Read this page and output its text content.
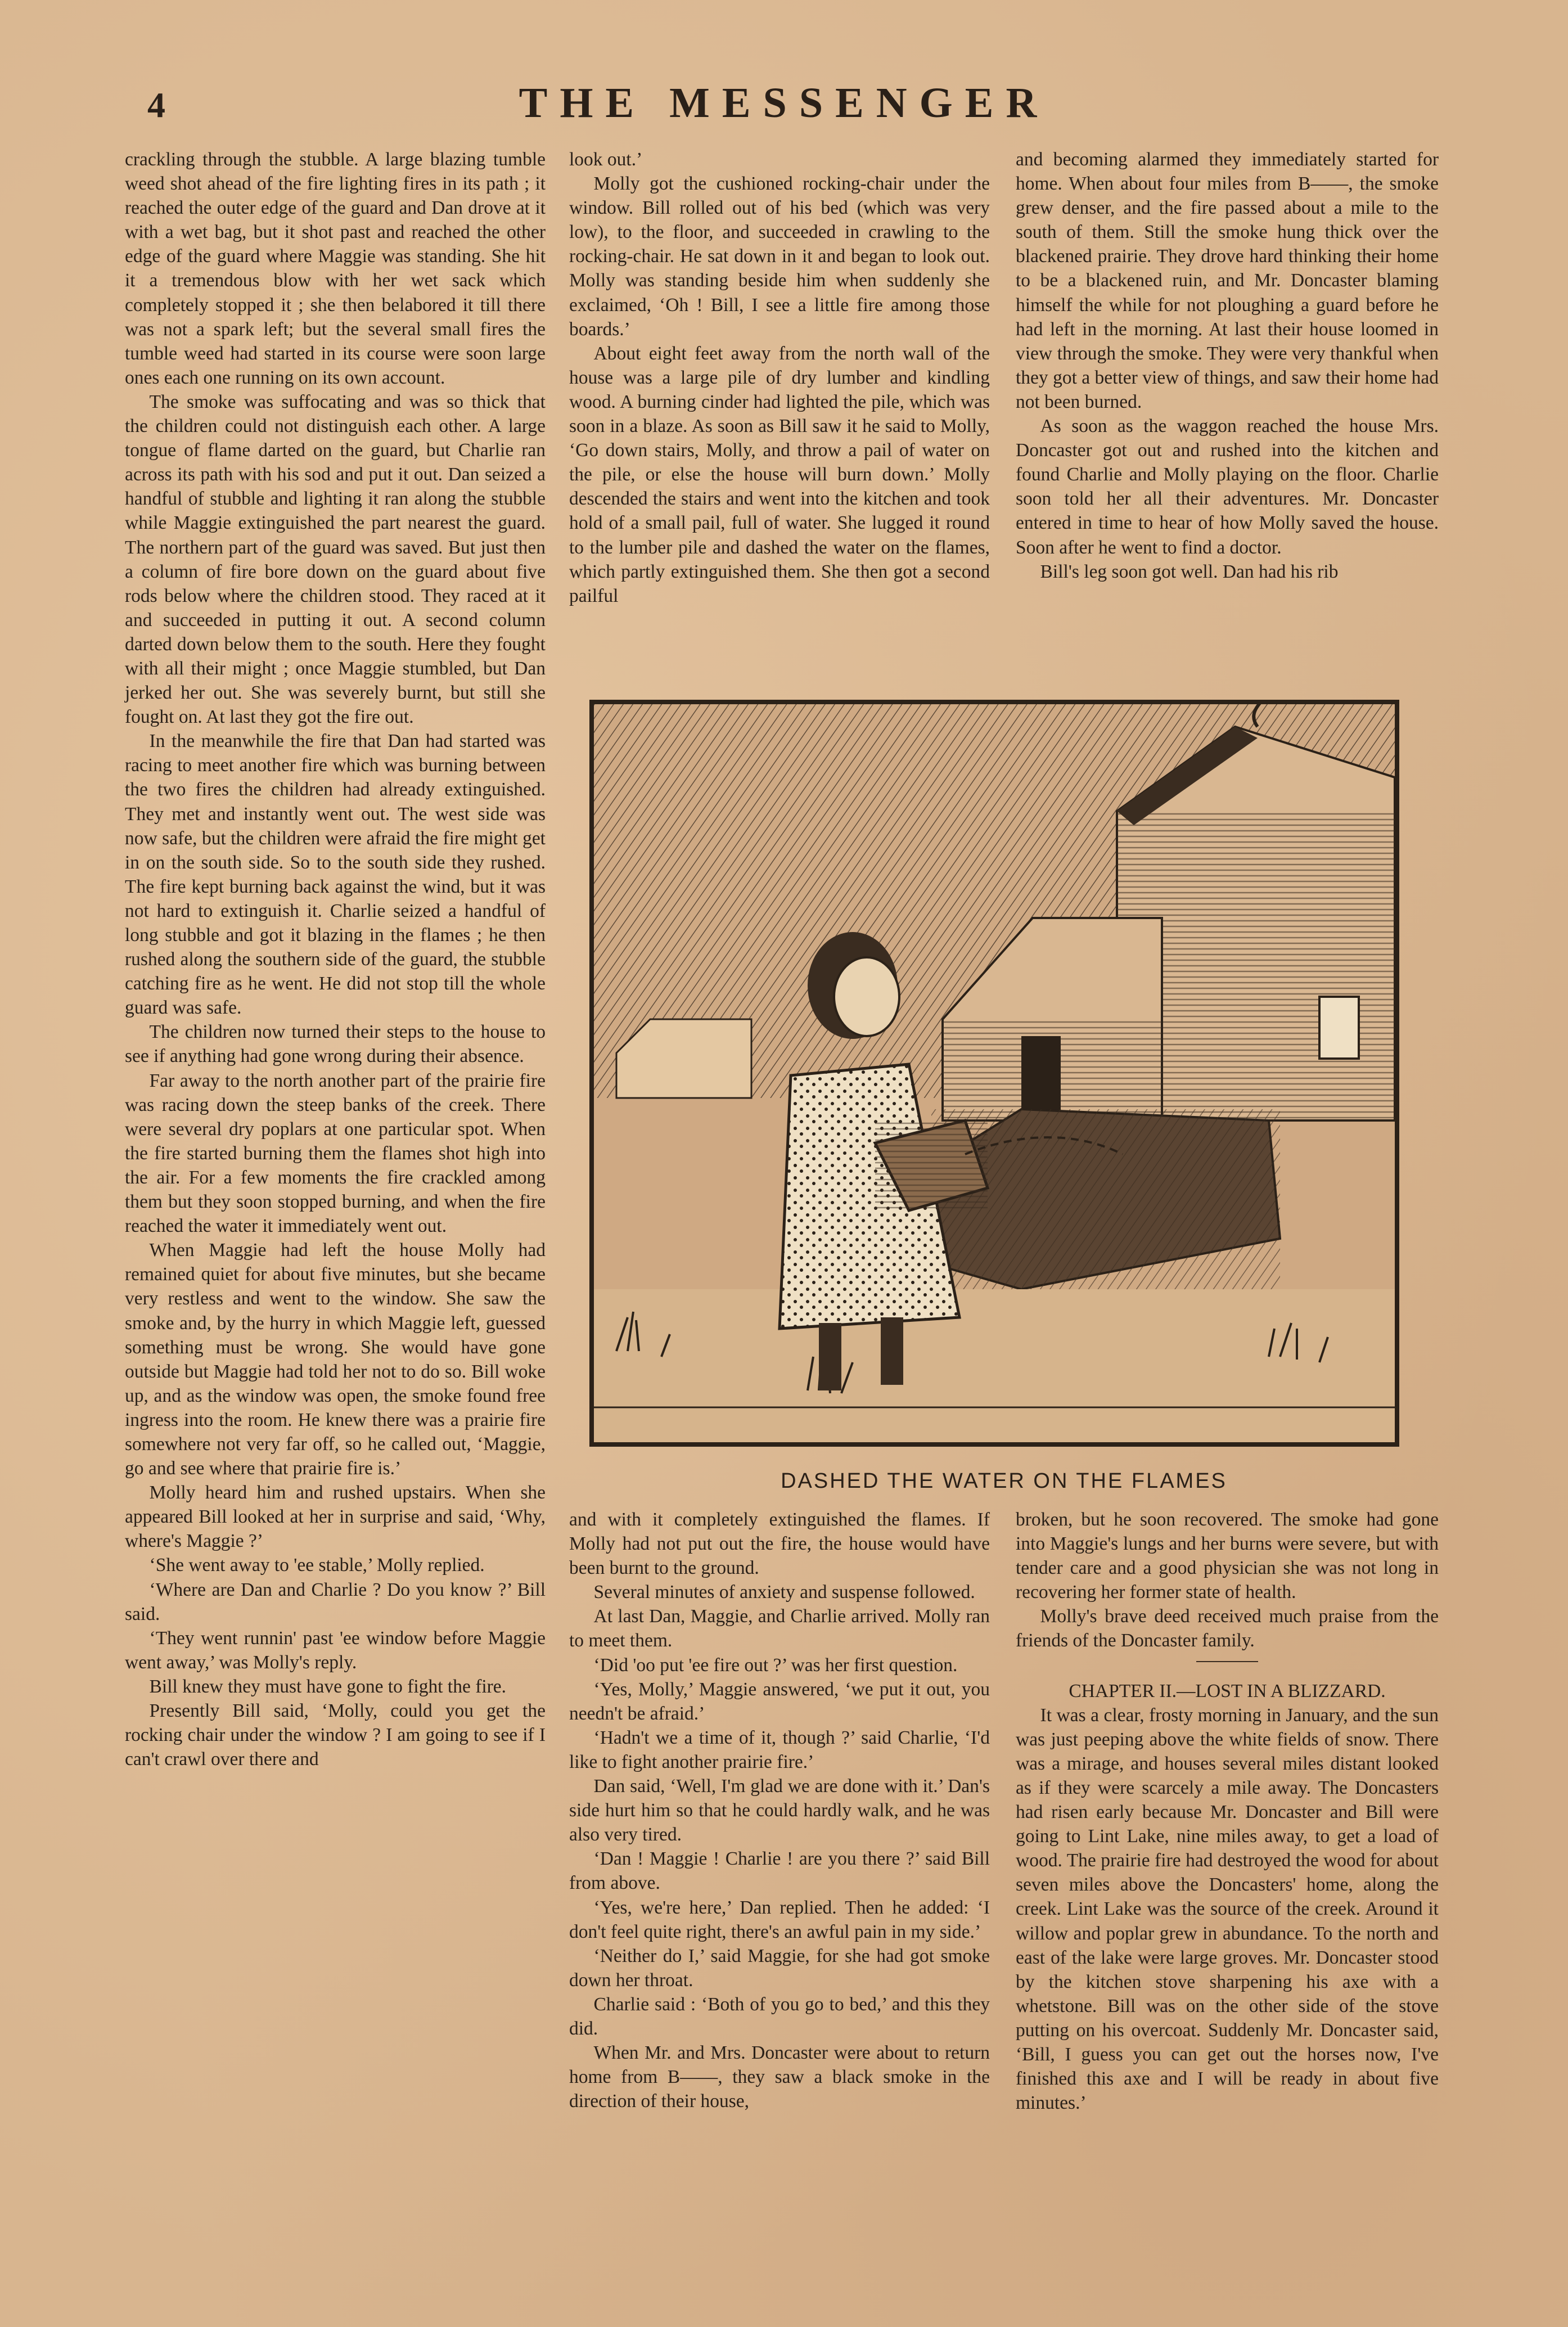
4	THE MESSENGER

crackling through the stubble. A large blazing tumble weed shot ahead of the fire lighting fires in its path ; it reached the outer edge of the guard and Dan drove at it with a wet bag, but it shot past and reached the other edge of the guard where Maggie was standing. She hit it a tremendous blow with her wet sack which completely stopped it ; she then belabored it till there was not a spark left; but the several small fires the tumble weed had started in its course were soon large ones each one running on its own account.

The smoke was suffocating and was so thick that the children could not distinguish each other. A large tongue of flame darted on the guard, but Charlie ran across its path with his sod and put it out. Dan seized a handful of stubble and lighting it ran along the stubble while Maggie extinguished the part nearest the guard. The northern part of the guard was saved. But just then a column of fire bore down on the guard about five rods below where the children stood. They raced at it and succeeded in putting it out. A second column darted down below them to the south. Here they fought with all their might ; once Maggie stumbled, but Dan jerked her out. She was severely burnt, but still she fought on. At last they got the fire out.

In the meanwhile the fire that Dan had started was racing to meet another fire which was burning between the two fires the children had already extinguished. They met and instantly went out. The west side was now safe, but the children were afraid the fire might get in on the south side. So to the south side they rushed. The fire kept burning back against the wind, but it was not hard to extinguish it. Charlie seized a handful of long stubble and got it blazing in the flames ; he then rushed along the southern side of the guard, the stubble catching fire as he went. He did not stop till the whole guard was safe.

The children now turned their steps to the house to see if anything had gone wrong during their absence.

Far away to the north another part of the prairie fire was racing down the steep banks of the creek. There were several dry poplars at one particular spot. When the fire started burning them the flames shot high into the air. For a few moments the fire crackled among them but they soon stopped burning, and when the fire reached the water it immediately went out.

When Maggie had left the house Molly had remained quiet for about five minutes, but she became very restless and went to the window. She saw the smoke and, by the hurry in which Maggie left, guessed something must be wrong. She would have gone outside but Maggie had told her not to do so. Bill woke up, and as the window was open, the smoke found free ingress into the room. He knew there was a prairie fire somewhere not very far off, so he called out, ‘Maggie, go and see where that prairie fire is.’

Molly heard him and rushed upstairs. When she appeared Bill looked at her in surprise and said, ‘Why, where's Maggie ?’

‘She went away to 'ee stable,’ Molly replied.

‘Where are Dan and Charlie ? Do you know ?’ Bill said.

‘They went runnin' past 'ee window before Maggie went away,’ was Molly's reply.

Bill knew they must have gone to fight the fire.

Presently Bill said, ‘Molly, could you get the rocking chair under the window ? I am going to see if I can't crawl over there and

look out.’

Molly got the cushioned rocking-chair under the window. Bill rolled out of his bed (which was very low), to the floor, and succeeded in crawling to the rocking-chair. He sat down in it and began to look out. Molly was standing beside him when suddenly she exclaimed, ‘Oh ! Bill, I see a little fire among those boards.’

About eight feet away from the north wall of the house was a large pile of dry lumber and kindling wood. A burning cinder had lighted the pile, which was soon in a blaze. As soon as Bill saw it he said to Molly, ‘Go down stairs, Molly, and throw a pail of water on the pile, or else the house will burn down.’ Molly descended the stairs and went into the kitchen and took hold of a small pail, full of water. She lugged it round to the lumber pile and dashed the water on the flames, which partly extinguished them. She then got a second pailful

and becoming alarmed they immediately started for home. When about four miles from B——, the smoke grew denser, and the fire passed about a mile to the south of them. Still the smoke hung thick over the blackened prairie. They drove hard thinking their home to be a blackened ruin, and Mr. Doncaster blaming himself the while for not ploughing a guard before he had left in the morning. At last their house loomed in view through the smoke. They were very thankful when they got a better view of things, and saw their home had not been burned.

As soon as the waggon reached the house Mrs. Doncaster got out and rushed into the kitchen and found Charlie and Molly playing on the floor. Charlie soon told her all their adventures. Mr. Doncaster entered in time to hear of how Molly saved the house. Soon after he went to find a doctor.

Bill's leg soon got well. Dan had his rib

DASHED THE WATER ON THE FLAMES

and with it completely extinguished the flames. If Molly had not put out the fire, the house would have been burnt to the ground.

Several minutes of anxiety and suspense followed.

At last Dan, Maggie, and Charlie arrived. Molly ran to meet them.

‘Did 'oo put 'ee fire out ?’ was her first question.

‘Yes, Molly,’ Maggie answered, ‘we put it out, you needn't be afraid.’

‘Hadn't we a time of it, though ?’ said Charlie, ‘I'd like to fight another prairie fire.’

Dan said, ‘Well, I'm glad we are done with it.’ Dan's side hurt him so that he could hardly walk, and he was also very tired.

‘Dan ! Maggie ! Charlie ! are you there ?’ said Bill from above.

‘Yes, we're here,’ Dan replied. Then he added: ‘I don't feel quite right, there's an awful pain in my side.’

‘Neither do I,’ said Maggie, for she had got smoke down her throat.

Charlie said : ‘Both of you go to bed,’ and this they did.

When Mr. and Mrs. Doncaster were about to return home from B——, they saw a black smoke in the direction of their house,

broken, but he soon recovered. The smoke had gone into Maggie's lungs and her burns were severe, but with tender care and a good physician she was not long in recovering her former state of health.

Molly's brave deed received much praise from the friends of the Doncaster family.

CHAPTER II.—LOST IN A BLIZZARD.

It was a clear, frosty morning in January, and the sun was just peeping above the white fields of snow. There was a mirage, and houses several miles distant looked as if they were scarcely a mile away. The Doncasters had risen early because Mr. Doncaster and Bill were going to Lint Lake, nine miles away, to get a load of wood. The prairie fire had destroyed the wood for about seven miles above the Doncasters' home, along the creek. Lint Lake was the source of the creek. Around it willow and poplar grew in abundance. To the north and east of the lake were large groves. Mr. Doncaster stood by the kitchen stove sharpening his axe with a whetstone. Bill was on the other side of the stove putting on his overcoat. Suddenly Mr. Doncaster said, ‘Bill, I guess you can get out the horses now, I've finished this axe and I will be ready in about five minutes.’
